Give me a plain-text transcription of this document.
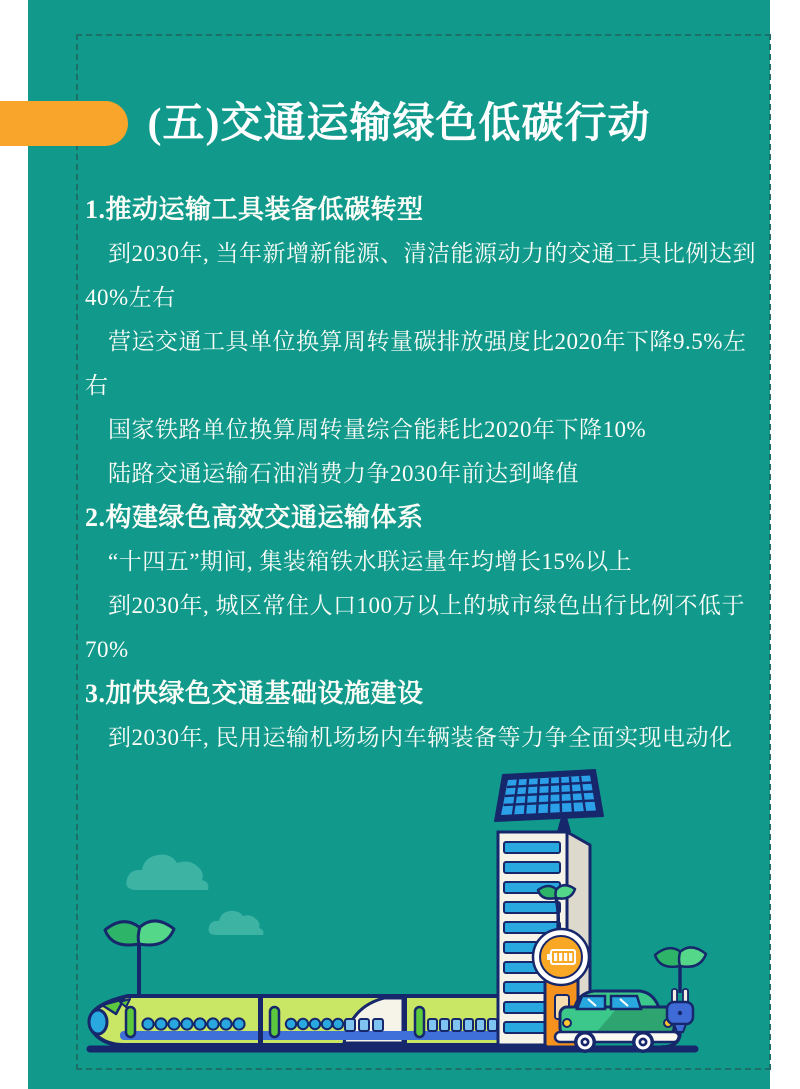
(五)交通运输绿色低碳行动
1.推动运输工具装备低碳转型

到2030年, 当年新增新能源、清洁能源动力的交通工具比例达到40%左右

营运交通工具单位换算周转量碳排放强度比2020年下降9.5%左右

国家铁路单位换算周转量综合能耗比2020年下降10%

陆路交通运输石油消费力争2030年前达到峰值

2.构建绿色高效交通运输体系

“十四五”期间, 集装箱铁水联运量年均增长15%以上

到2030年, 城区常住人口100万以上的城市绿色出行比例不低于70%

3.加快绿色交通基础设施建设

到2030年, 民用运输机场场内车辆装备等力争全面实现电动化
